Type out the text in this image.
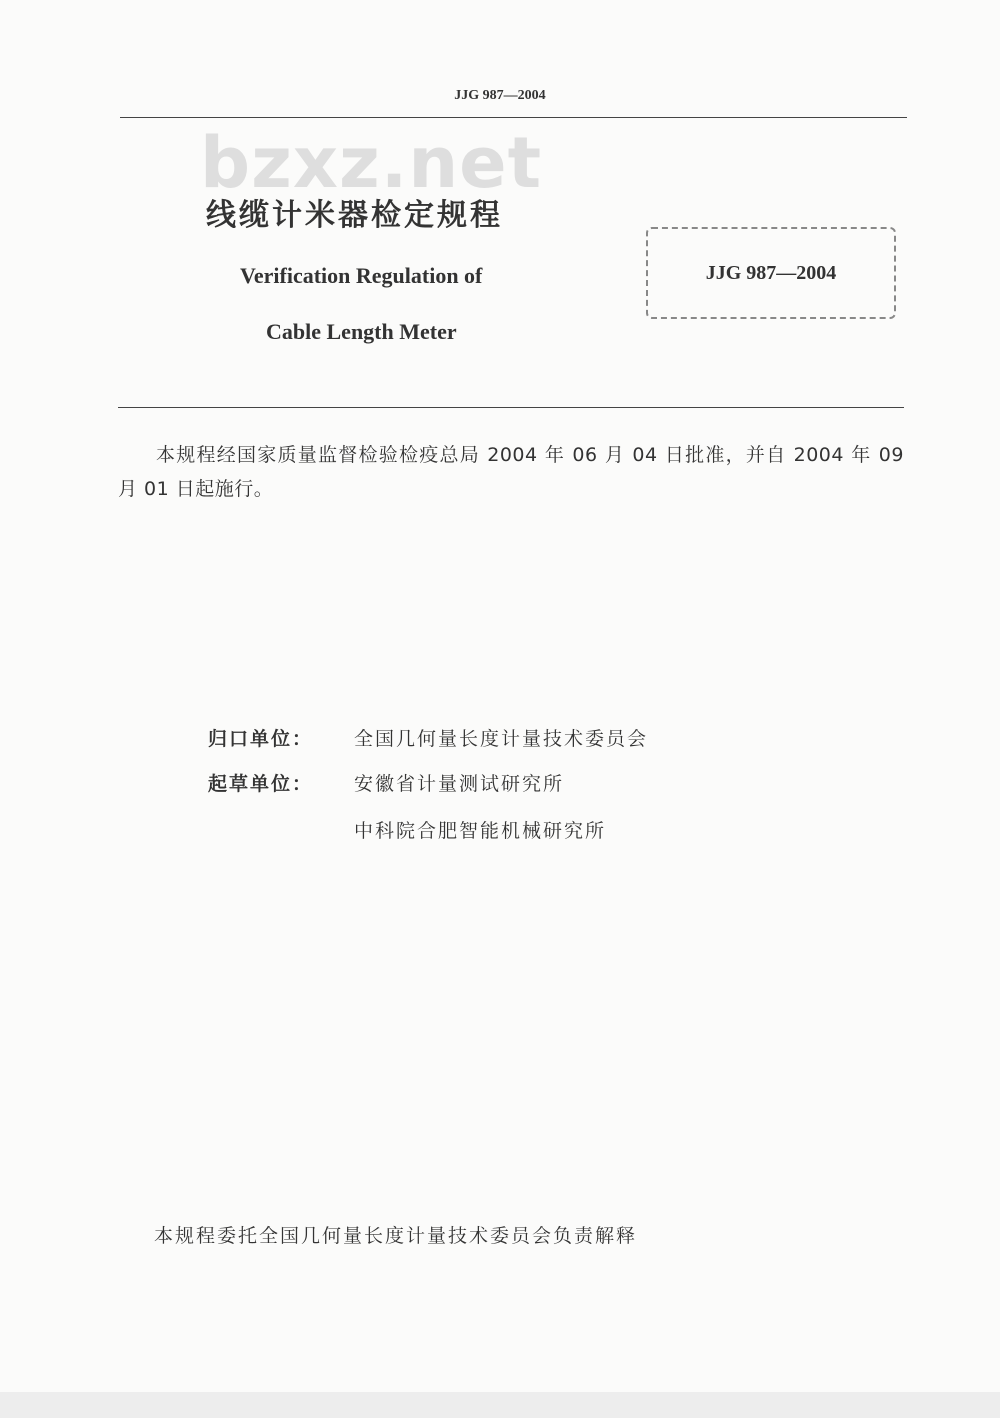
JJG 987—2004
bzxz.net
线缆计米器检定规程
Verification Regulation of
Cable Length Meter
JJG 987—2004
本规程经国家质量监督检验检疫总局 2004 年 06 月 04 日批准，并自 2004 年 09 月 01 日起施行。
归口单位： 全国几何量长度计量技术委员会
起草单位： 安徽省计量测试研究所
中科院合肥智能机械研究所
本规程委托全国几何量长度计量技术委员会负责解释
